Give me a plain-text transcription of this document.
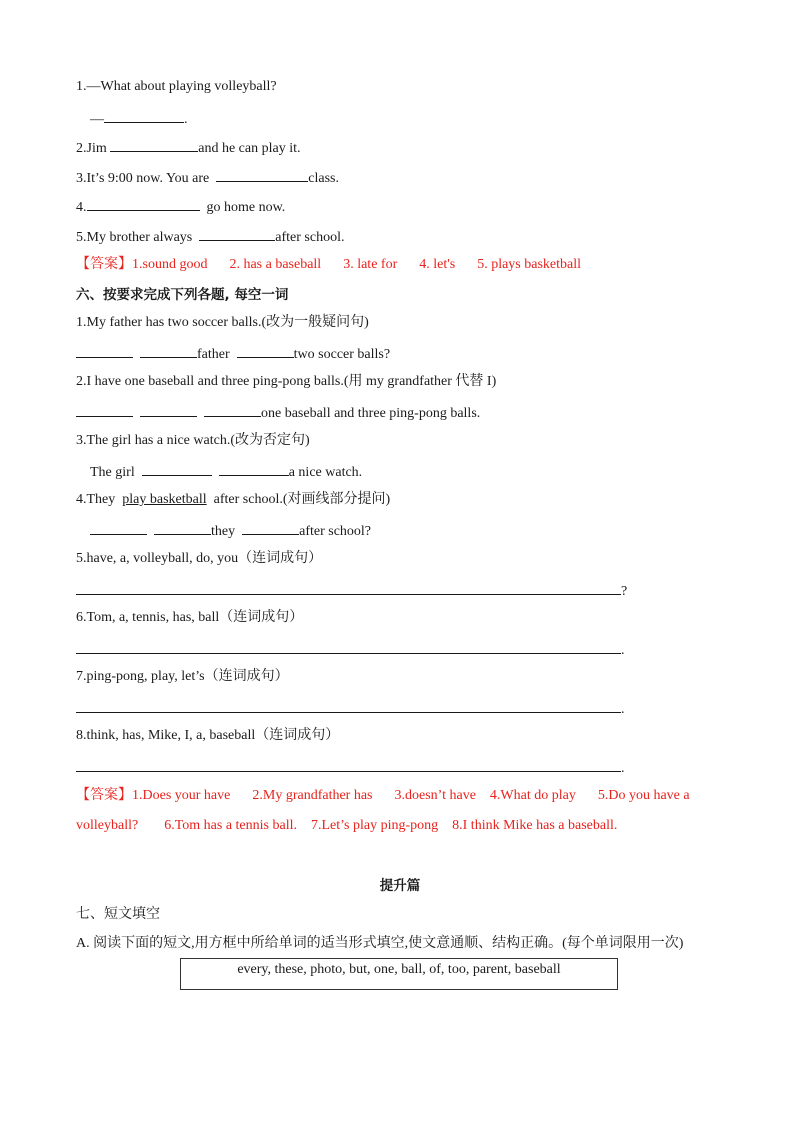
1.—What about playing volleyball?
—	.
2.Jim	and he can play it.
3.It’s 9:00 now. You are	class.
4.	go home now.
5.My brother always	after school.
【答案】1.sound good 2. has a baseball 3. late for 4. let's 5. plays basketball
六、按要求完成下列各题, 每空一词
1.My father has two soccer balls.(改为一般疑问句)
father	two soccer balls?
2.I have one baseball and three ping-pong balls.(用 my grandfather 代替 I)
one baseball and three ping-pong balls.
3.The girl has a nice watch.(改为否定句)
The girl	a nice watch.
4.They play basketball after school.(对画线部分提问)
they	after school?
5.have, a, volleyball, do, you（连词成句）
?
6.Tom, a, tennis, has, ball（连词成句）
.
7.ping-pong, play, let’s（连词成句）
.
8.think, has, Mike, I, a, baseball（连词成句）
.
【答案】1.Does your have 2.My grandfather has 3.doesn’t have 4.What do play 5.Do you have a
volleyball? 6.Tom has a tennis ball. 7.Let’s play ping-pong 8.I think Mike has a baseball.
提升篇
七、短文填空
A. 阅读下面的短文,用方框中所给单词的适当形式填空,使文意通顺、结构正确。(每个单词限用一次)
every, these, photo, but, one, ball, of, too, parent, baseball
